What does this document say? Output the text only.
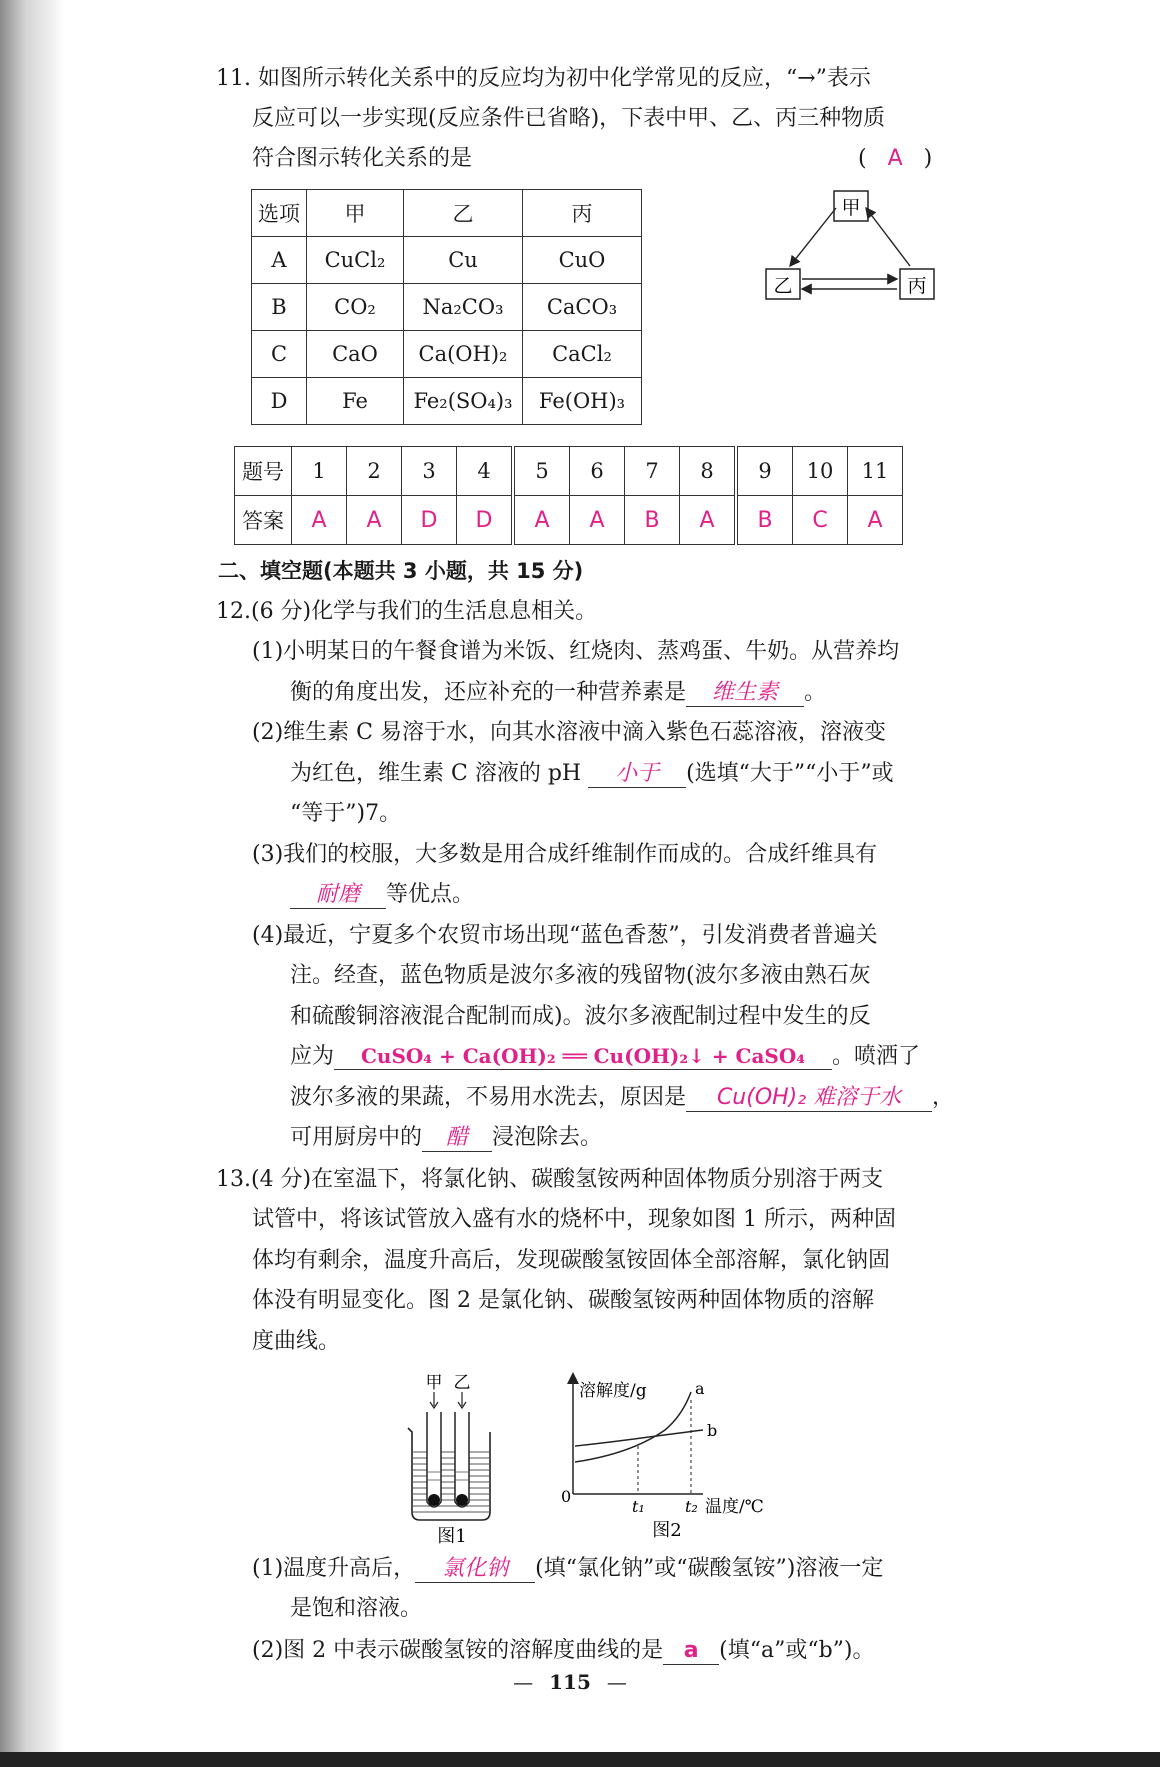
11. 如图所示转化关系中的反应均为初中化学常见的反应，“→”表示
反应可以一步实现(反应条件已省略)，下表中甲、乙、丙三种物质
符合图示转化关系的是	( A )
选项	甲	乙	丙
A	CuCl₂	Cu	CuO
B	CO₂	Na₂CO₃	CaCO₃
C	CaO	Ca(OH)₂	CaCl₂
D	Fe	Fe₂(SO₄)₃	Fe(OH)₃
甲
乙	丙
题号	1	2	3	4	5	6	7	8	9	10	11
答案	A	A	D	D	A	A	B	A	B	C	A
二、填空题(本题共 3 小题，共 15 分)
12.(6 分)化学与我们的生活息息相关。
(1)小明某日的午餐食谱为米饭、红烧肉、蒸鸡蛋、牛奶。从营养均
衡的角度出发，还应补充的一种营养素是 维生素 。
(2)维生素 C 易溶于水，向其水溶液中滴入紫色石蕊溶液，溶液变
为红色，维生素 C 溶液的 pH 小于 (选填“大于”“小于”或
“等于”)7。
(3)我们的校服，大多数是用合成纤维制作而成的。合成纤维具有
耐磨 等优点。
(4)最近，宁夏多个农贸市场出现“蓝色香葱”，引发消费者普遍关
注。经查，蓝色物质是波尔多液的残留物(波尔多液由熟石灰
和硫酸铜溶液混合配制而成)。波尔多液配制过程中发生的反
应为 CuSO₄ + Ca(OH)₂ ══ Cu(OH)₂↓ + CaSO₄ 。喷洒了
波尔多液的果蔬，不易用水洗去，原因是 Cu(OH)₂ 难溶于水 ，
可用厨房中的 醋 浸泡除去。
13.(4 分)在室温下，将氯化钠、碳酸氢铵两种固体物质分别溶于两支
试管中，将该试管放入盛有水的烧杯中，现象如图 1 所示，两种固
体均有剩余，温度升高后，发现碳酸氢铵固体全部溶解，氯化钠固
体没有明显变化。图 2 是氯化钠、碳酸氢铵两种固体物质的溶解
度曲线。
甲 乙
图1
溶解度/g
0
a
b
t₁	t₂ 温度/℃
图2
(1)温度升高后， 氯化钠 (填“氯化钠”或“碳酸氢铵”)溶液一定
是饱和溶液。
(2)图 2 中表示碳酸氢铵的溶解度曲线的是 a (填“a”或“b”)。
— 115 —
